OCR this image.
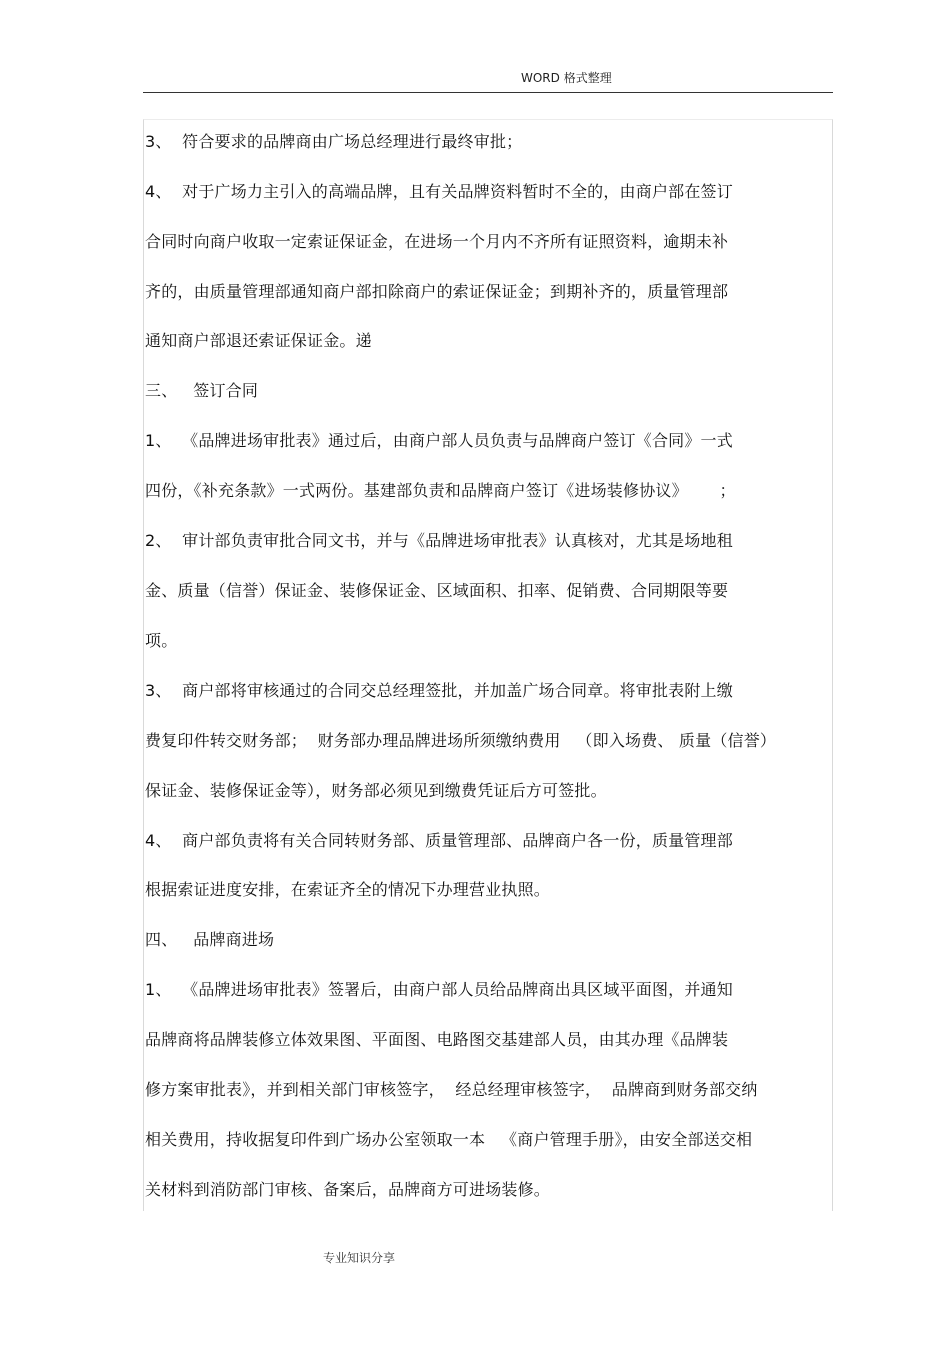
WORD 格式整理
3、  符合要求的品牌商由广场总经理进行最终审批；
4、  对于广场力主引入的高端品牌，且有关品牌资料暂时不全的，由商户部在签订
合同时向商户收取一定索证保证金，在进场一个月内不齐所有证照资料，逾期未补
齐的，由质量管理部通知商户部扣除商户的索证保证金；到期补齐的，质量管理部
通知商户部退还索证保证金。递
三、   签订合同
1、  《品牌进场审批表》通过后，由商户部人员负责与品牌商户签订《合同》一式
四份，《补充条款》一式两份。基建部负责和品牌商户签订《进场装修协议》      ；
2、  审计部负责审批合同文书，并与《品牌进场审批表》认真核对，尤其是场地租
金、质量（信誉）保证金、装修保证金、区域面积、扣率、促销费、合同期限等要
项。
3、  商户部将审核通过的合同交总经理签批，并加盖广场合同章。将审批表附上缴
费复印件转交财务部；  财务部办理品牌进场所须缴纳费用   （即入场费、 质量（信誉）
保证金、装修保证金等），财务部必须见到缴费凭证后方可签批。
4、  商户部负责将有关合同转财务部、质量管理部、品牌商户各一份，质量管理部
根据索证进度安排，在索证齐全的情况下办理营业执照。
四、   品牌商进场
1、  《品牌进场审批表》签署后，由商户部人员给品牌商出具区域平面图，并通知
品牌商将品牌装修立体效果图、平面图、电路图交基建部人员，由其办理《品牌装
修方案审批表》，并到相关部门审核签字，  经总经理审核签字，  品牌商到财务部交纳
相关费用，持收据复印件到广场办公室领取一本   《商户管理手册》，由安全部送交相
关材料到消防部门审核、备案后，品牌商方可进场装修。
专业知识分享
